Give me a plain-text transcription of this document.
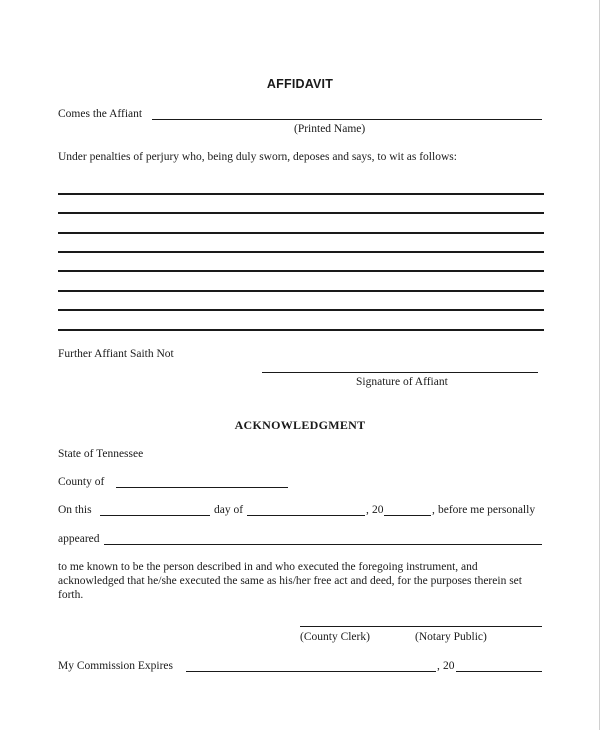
AFFIDAVIT
Comes the Affiant
(Printed Name)
Under penalties of perjury who, being duly sworn, deposes and says, to wit as follows:
Further Affiant Saith Not
Signature of Affiant
ACKNOWLEDGMENT
State of Tennessee
County of
On this	day of	, 20	, before me personally
appeared
to me known to be the person described in and who executed the foregoing instrument, and acknowledged that he/she executed the same as his/her free act and deed, for the purposes therein set forth.
(County Clerk)	(Notary Public)
My Commission Expires	, 20
